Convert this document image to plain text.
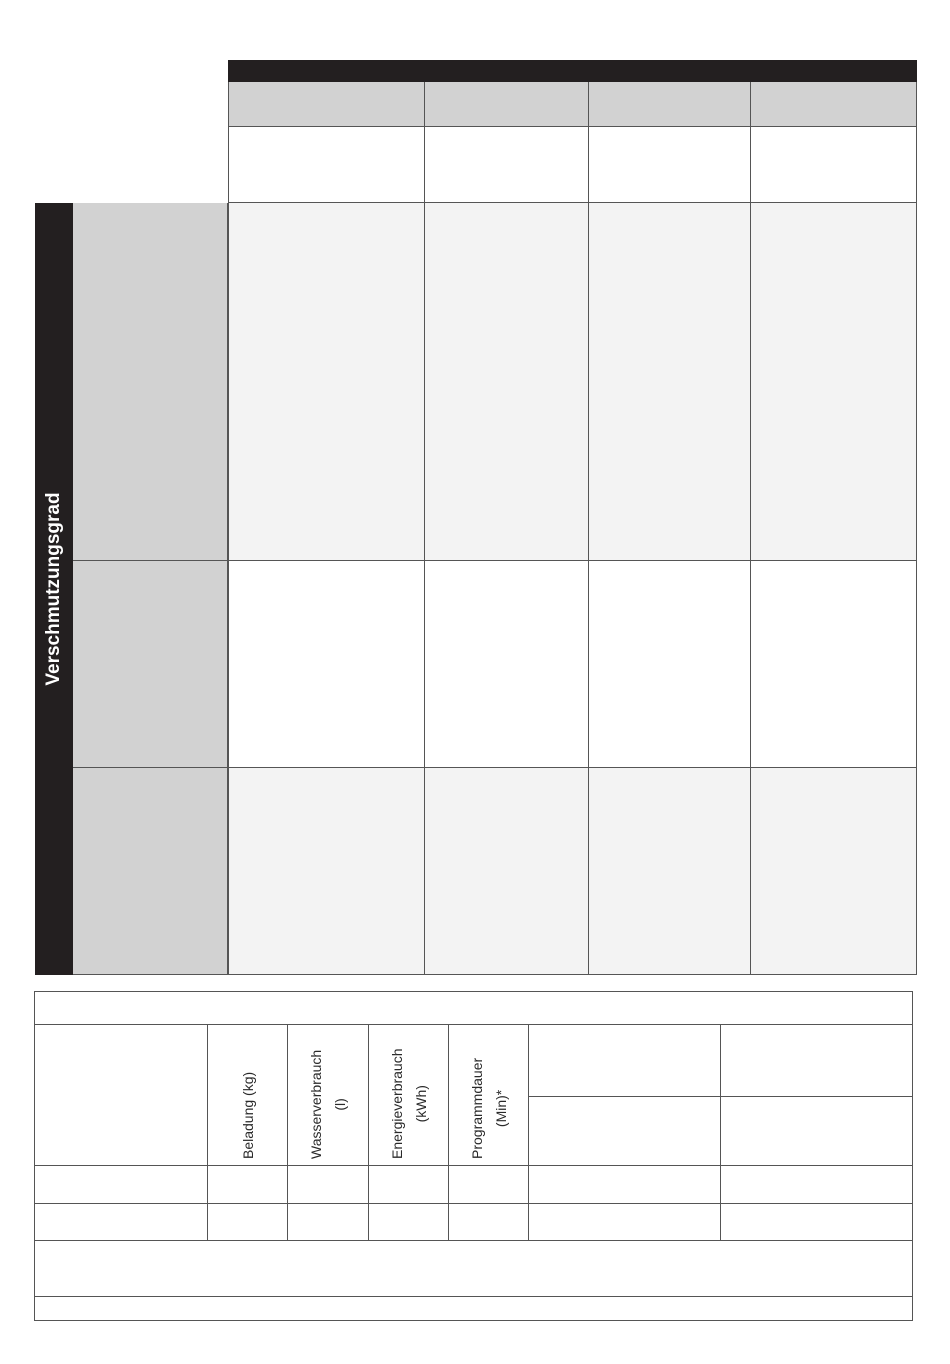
Verschmutzungsgrad
Beladung (kg)	Wasserverbrauch (l)	Energieverbrauch (kWh)	Programmdauer (Min)*
